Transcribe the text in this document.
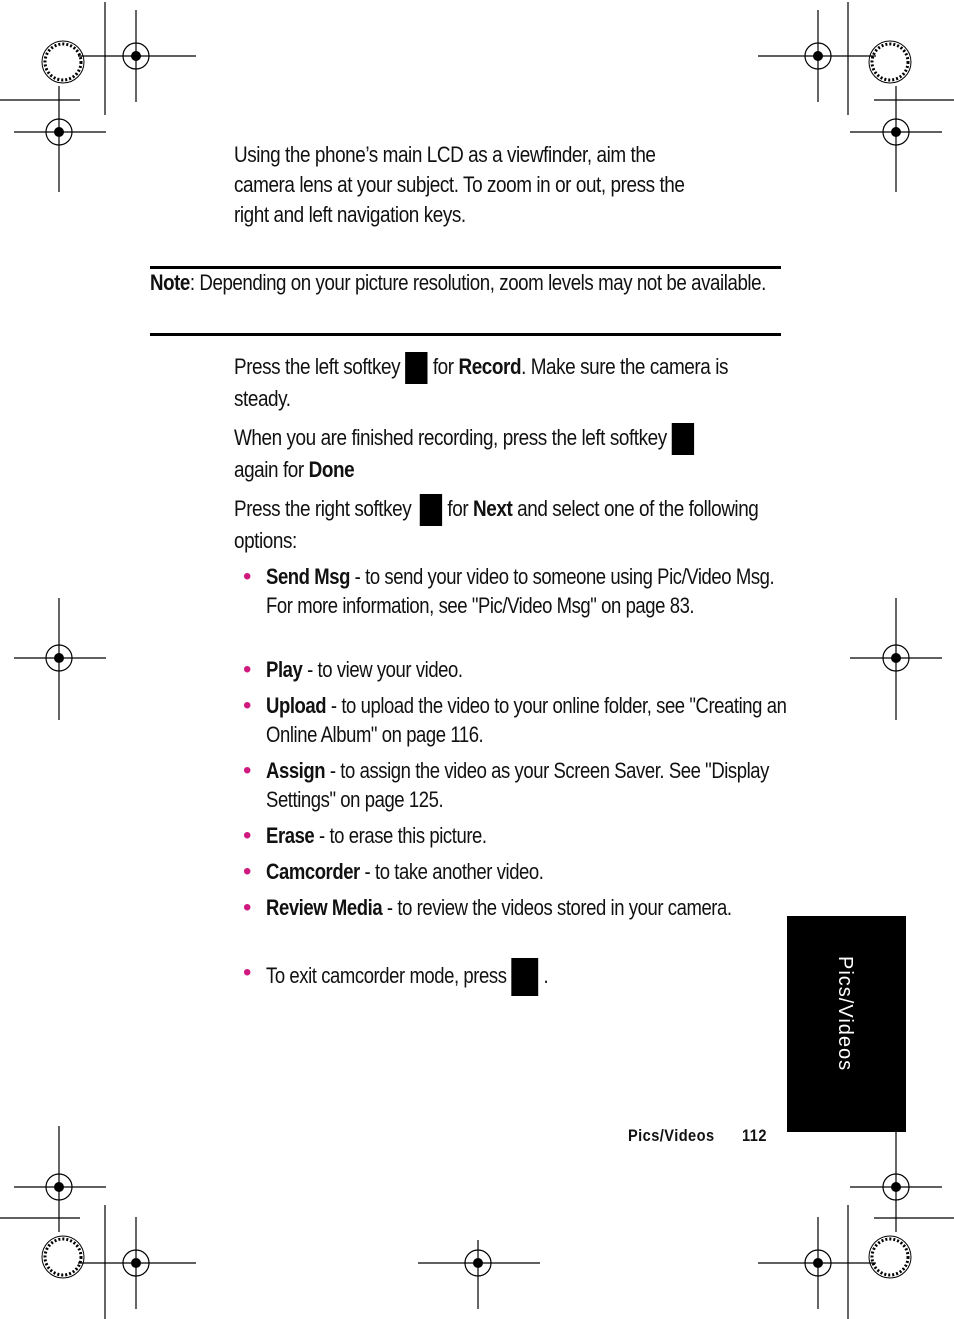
Using the phone’s main LCD as a viewfinder, aim the
camera lens at your subject. To zoom in or out, press the
right and left navigation keys.
Note: Depending on your picture resolution, zoom levels may not be available.
Press the left softkey for Record. Make sure the camera is steady.
When you are finished recording, press the left softkey
again for Done
Press the right softkey for Next and select one of the following options:
• Send Msg - to send your video to someone using Pic/Video Msg. For more information, see "Pic/Video Msg" on page 83.
• Play - to view your video.
• Upload - to upload the video to your online folder, see "Creating an Online Album" on page 116.
• Assign - to assign the video as your Screen Saver. See "Display Settings" on page 125.
• Erase - to erase this picture.
• Camcorder - to take another video.
• Review Media - to review the videos stored in your camera.
• To exit camcorder mode, press .	Pics/Videos
Pics/Videos 112
